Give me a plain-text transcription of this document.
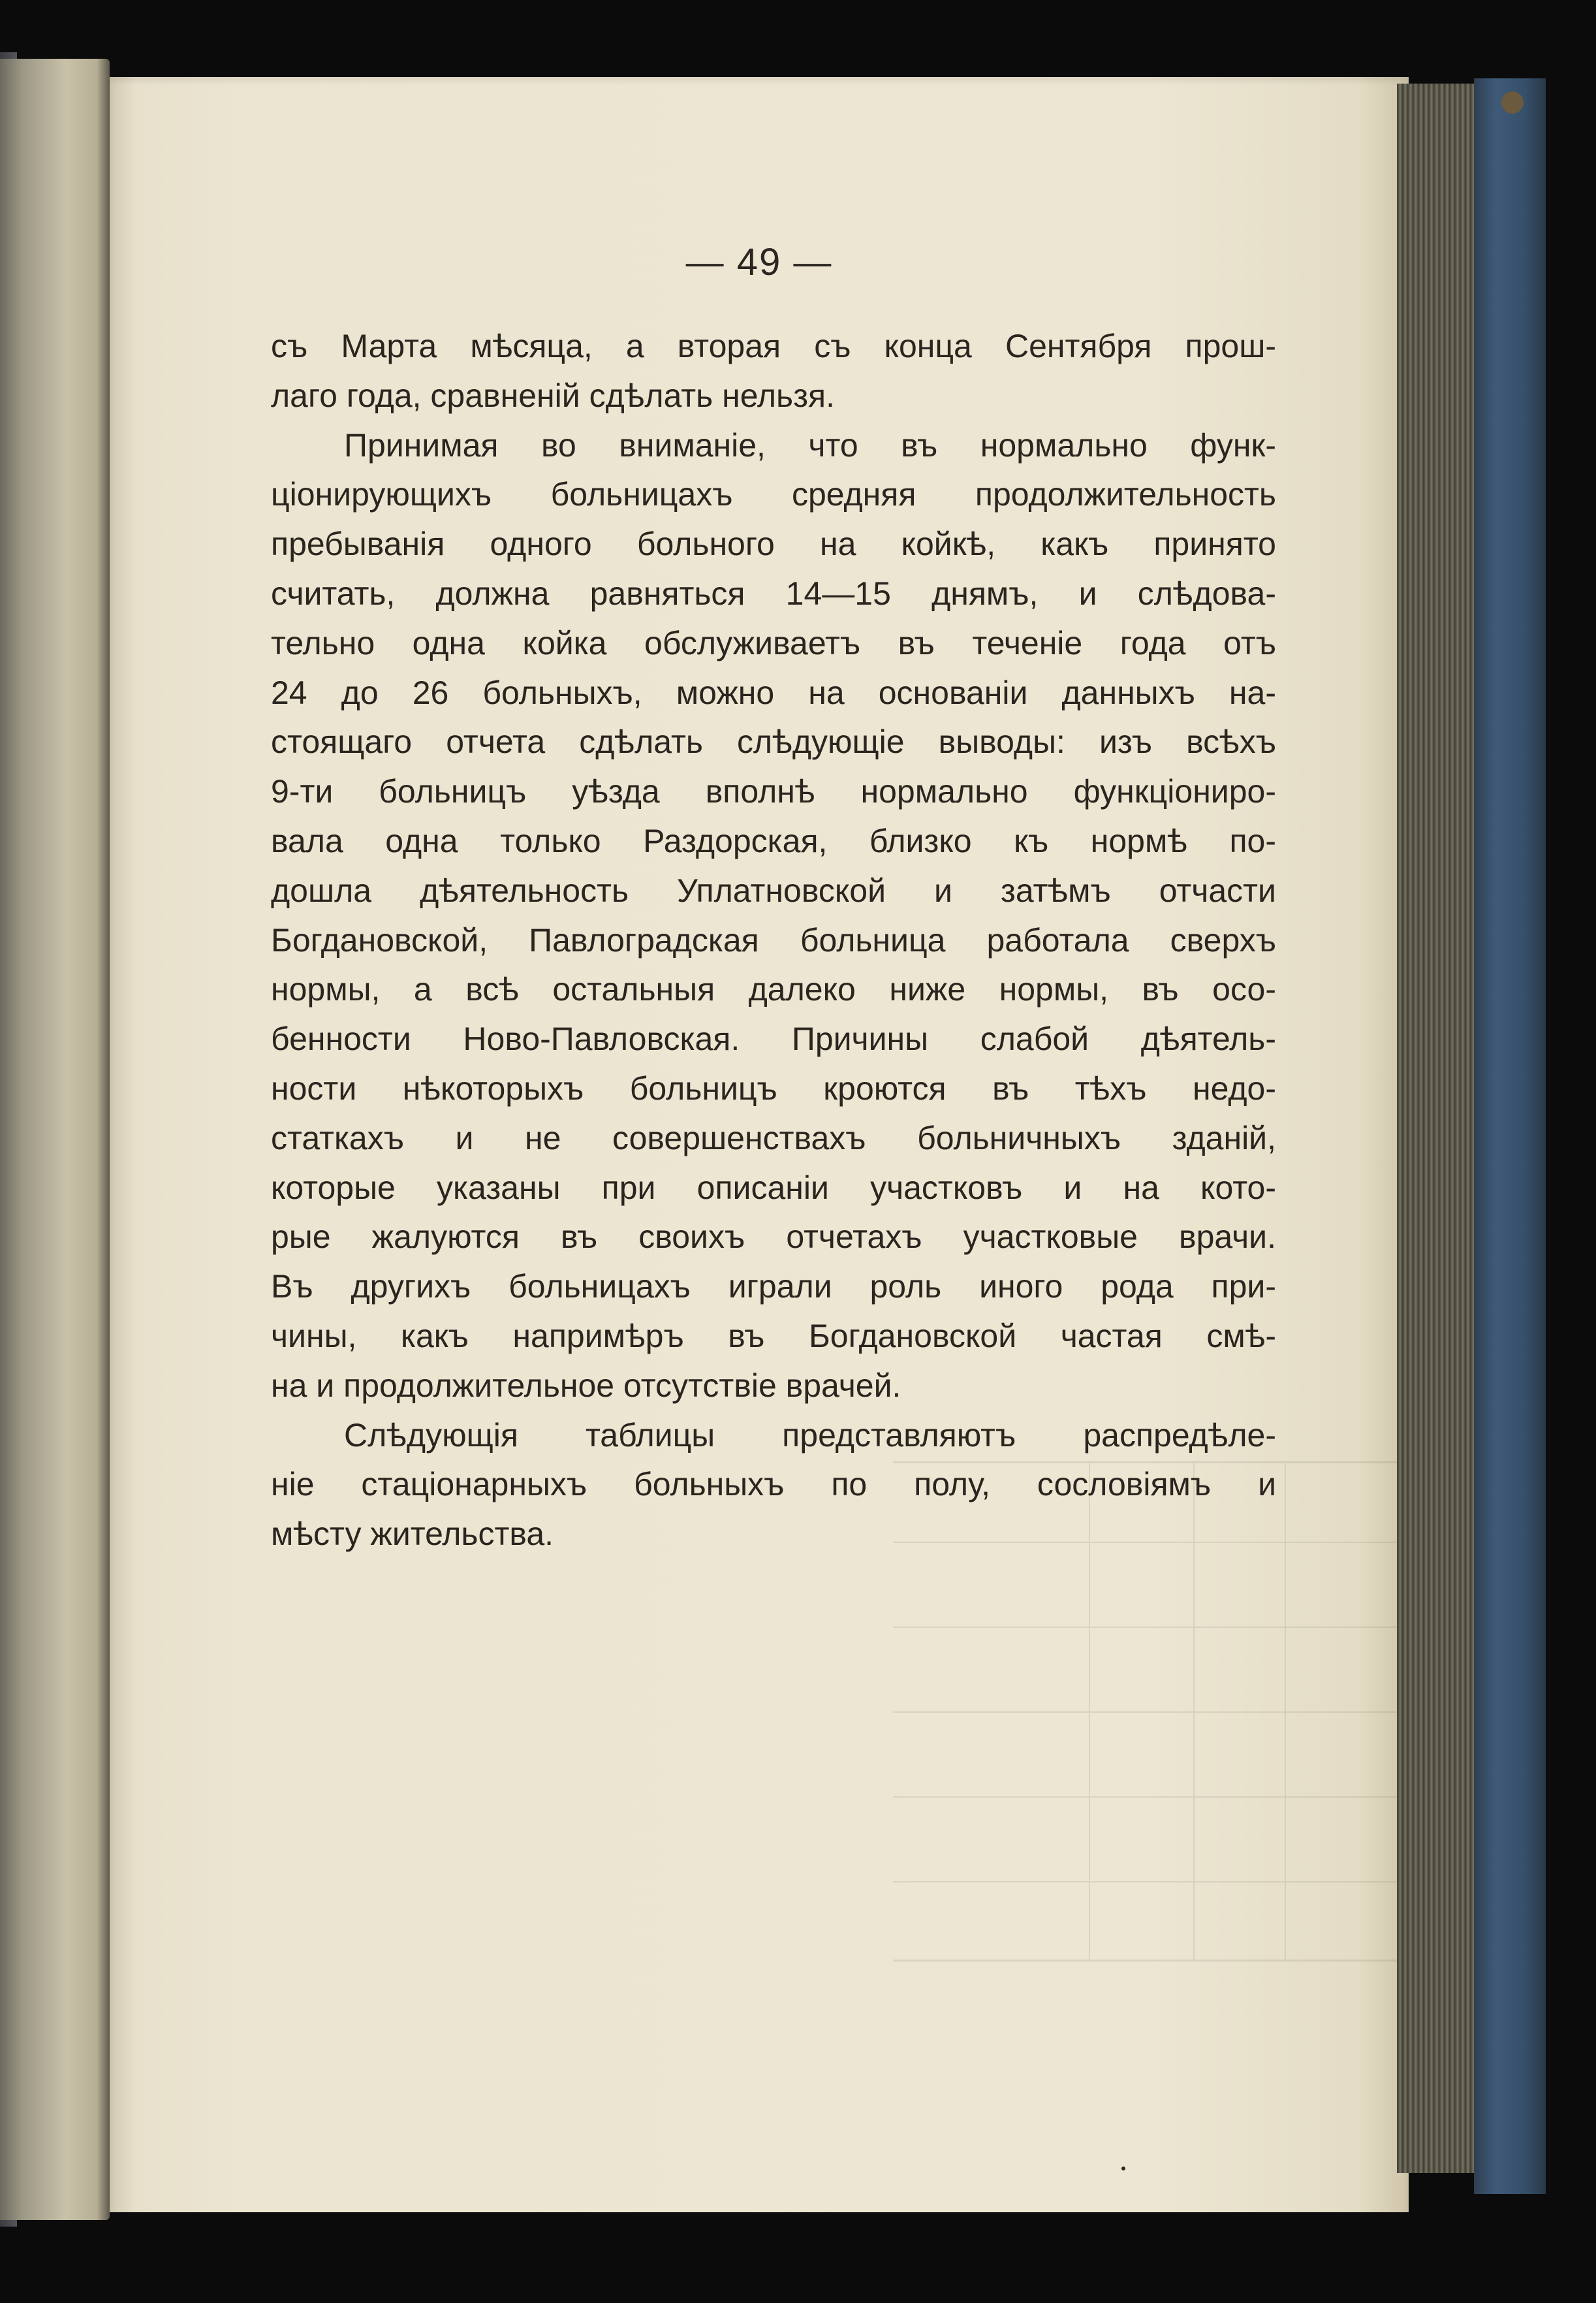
— 49 —
съ Марта мѣсяца, а вторая съ конца Сентября прош-
лаго года, сравненій сдѣлать нельзя.
Принимая во вниманіе, что въ нормально функ-
ціонирующихъ больницахъ средняя продолжительность
пребыванія одного больного на койкѣ, какъ принято
считать, должна равняться 14—15 днямъ, и слѣдова-
тельно одна койка обслуживаетъ въ теченіе года отъ
24 до 26 больныхъ, можно на основаніи данныхъ на-
стоящаго отчета сдѣлать слѣдующіе выводы: изъ всѣхъ
9-ти больницъ уѣзда вполнѣ нормально функціониро-
вала одна только Раздорская, близко къ нормѣ по-
дошла дѣятельность Уплатновской и затѣмъ отчасти
Богдановской, Павлоградская больница работала сверхъ
нормы, а всѣ остальныя далеко ниже нормы, въ осо-
бенности Ново-Павловская. Причины слабой дѣятель-
ности нѣкоторыхъ больницъ кроются въ тѣхъ недо-
статкахъ и не совершенствахъ больничныхъ зданій,
которые указаны при описаніи участковъ и на кото-
рые жалуются въ своихъ отчетахъ участковые врачи.
Въ другихъ больницахъ играли роль иного рода при-
чины, какъ напримѣръ въ Богдановской частая смѣ-
на и продолжительное отсутствіе врачей.
Слѣдующія таблицы представляютъ распредѣле-
ніе стаціонарныхъ больныхъ по полу, сословіямъ и
мѣсту жительства.
